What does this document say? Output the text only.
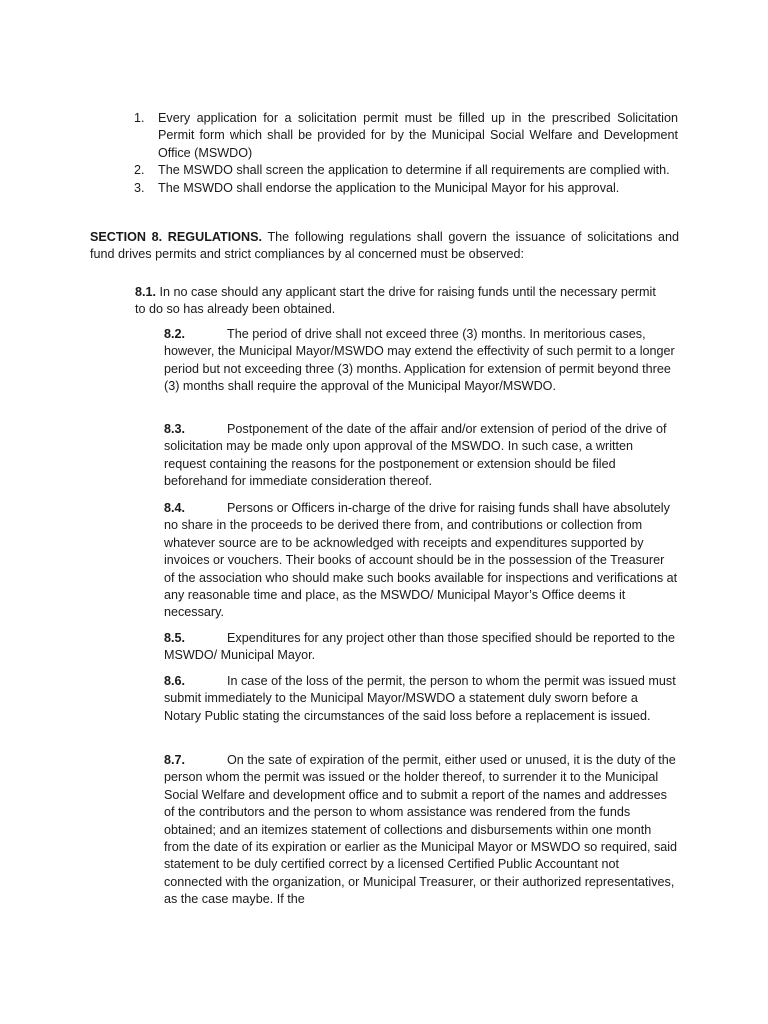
1. Every application for a solicitation permit must be filled up in the prescribed Solicitation Permit form which shall be provided for by the Municipal Social Welfare and Development Office (MSWDO)
2. The MSWDO shall screen the application to determine if all requirements are complied with.
3. The MSWDO shall endorse the application to the Municipal Mayor for his approval.

SECTION 8. REGULATIONS. The following regulations shall govern the issuance of solicitations and fund drives permits and strict compliances by al concerned must be observed:

8.1. In no case should any applicant start the drive for raising funds until the necessary permit to do so has already been obtained.

8.2.	The period of drive shall not exceed three (3) months. In meritorious cases, however, the Municipal Mayor/MSWDO may extend the effectivity of such permit to a longer period but not exceeding three (3) months. Application for extension of permit beyond three (3) months shall require the approval of the Municipal Mayor/MSWDO.

8.3.	Postponement of the date of the affair and/or extension of period of the drive of solicitation may be made only upon approval of the MSWDO. In such case, a written request containing the reasons for the postponement or extension should be filed beforehand for immediate consideration thereof.

8.4.	Persons or Officers in-charge of the drive for raising funds shall have absolutely no share in the proceeds to be derived there from, and contributions or collection from whatever source are to be acknowledged with receipts and expenditures supported by invoices or vouchers. Their books of account should be in the possession of the Treasurer of the association who should make such books available for inspections and verifications at any reasonable time and place, as the MSWDO/ Municipal Mayor’s Office deems it necessary.

8.5.	Expenditures for any project other than those specified should be reported to the MSWDO/ Municipal Mayor.

8.6.	In case of the loss of the permit, the person to whom the permit was issued must submit immediately to the Municipal Mayor/MSWDO a statement duly sworn before a Notary Public stating the circumstances of the said loss before a replacement is issued.

8.7.	On the sate of expiration of the permit, either used or unused, it is the duty of the person whom the permit was issued or the holder thereof, to surrender it to the Municipal Social Welfare and development office and to submit a report of the names and addresses of the contributors and the person to whom assistance was rendered from the funds obtained; and an itemizes statement of collections and disbursements within one month from the date of its expiration or earlier as the Municipal Mayor or MSWDO so required, said statement to be duly certified correct by a licensed Certified Public Accountant not connected with the organization, or Municipal Treasurer, or their authorized representatives, as the case maybe. If the
